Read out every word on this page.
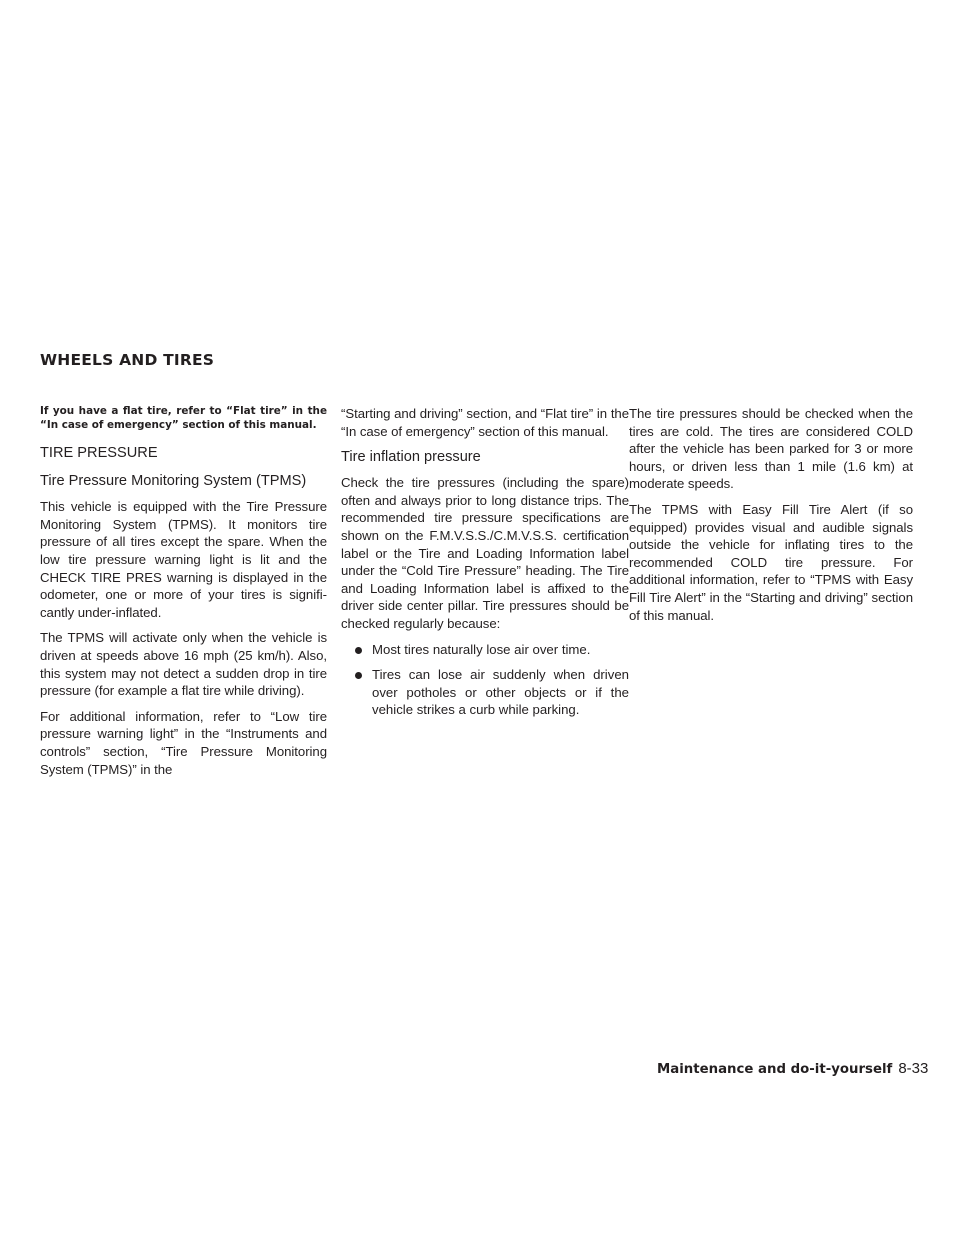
WHEELS AND TIRES

If you have a flat tire, refer to “Flat tire” in the “In case of emergency” section of this manual.

TIRE PRESSURE
Tire Pressure Monitoring System (TPMS)

This vehicle is equipped with the Tire Pressure Monitoring System (TPMS). It monitors tire pressure of all tires except the spare. When the low tire pressure warning light is lit and the CHECK TIRE PRES warning is displayed in the odometer, one or more of your tires is significantly under-inflated.

The TPMS will activate only when the vehicle is driven at speeds above 16 mph (25 km/h). Also, this system may not detect a sudden drop in tire pressure (for example a flat tire while driving).

For additional information, refer to “Low tire pressure warning light” in the “Instruments and controls” section, “Tire Pressure Monitoring System (TPMS)” in the

“Starting and driving” section, and “Flat tire” in the “In case of emergency” section of this manual.

Tire inflation pressure

Check the tire pressures (including the spare) often and always prior to long distance trips. The recommended tire pressure specifications are shown on the F.M.V.S.S./C.M.V.S.S. certification label or the Tire and Loading Information label under the “Cold Tire Pressure” heading. The Tire and Loading Information label is affixed to the driver side center pillar. Tire pressures should be checked regularly because:

Most tires naturally lose air over time.
Tires can lose air suddenly when driven over potholes or other objects or if the vehicle strikes a curb while parking.

The tire pressures should be checked when the tires are cold. The tires are considered COLD after the vehicle has been parked for 3 or more hours, or driven less than 1 mile (1.6 km) at moderate speeds.

The TPMS with Easy Fill Tire Alert (if so equipped) provides visual and audible signals outside the vehicle for inflating tires to the recommended COLD tire pressure. For additional information, refer to “TPMS with Easy Fill Tire Alert” in the “Starting and driving” section of this manual.

Maintenance and do-it-yourself 8-33
